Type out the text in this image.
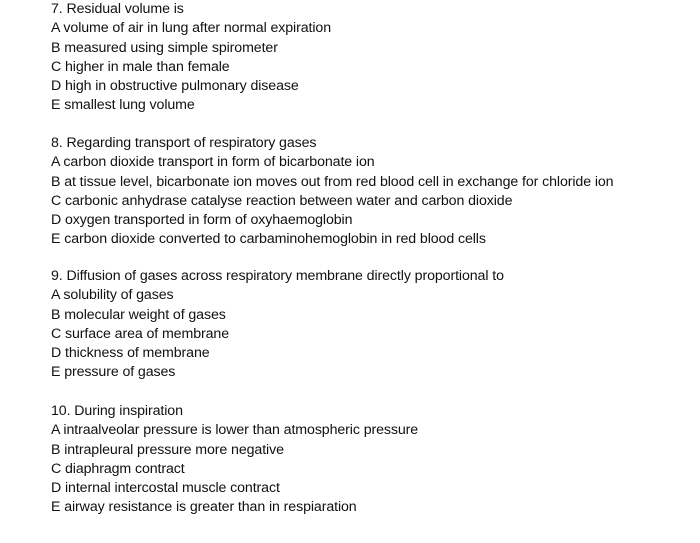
7. Residual volume is
A volume of air in lung after normal expiration
B measured using simple spirometer
C higher in male than female
D high in obstructive pulmonary disease
E smallest lung volume
8. Regarding transport of respiratory gases
A carbon dioxide transport in form of bicarbonate ion
B at tissue level, bicarbonate ion moves out from red blood cell in exchange for chloride ion
C carbonic anhydrase catalyse reaction between water and carbon dioxide
D oxygen transported in form of oxyhaemoglobin
E carbon dioxide converted to carbaminohemoglobin in red blood cells
9. Diffusion of gases across respiratory membrane directly proportional to
A solubility of gases
B molecular weight of gases
C surface area of membrane
D thickness of membrane
E pressure of gases
10. During inspiration
A intraalveolar pressure is lower than atmospheric pressure
B intrapleural pressure more negative
C diaphragm contract
D internal intercostal muscle contract
E airway resistance is greater than in respiaration
